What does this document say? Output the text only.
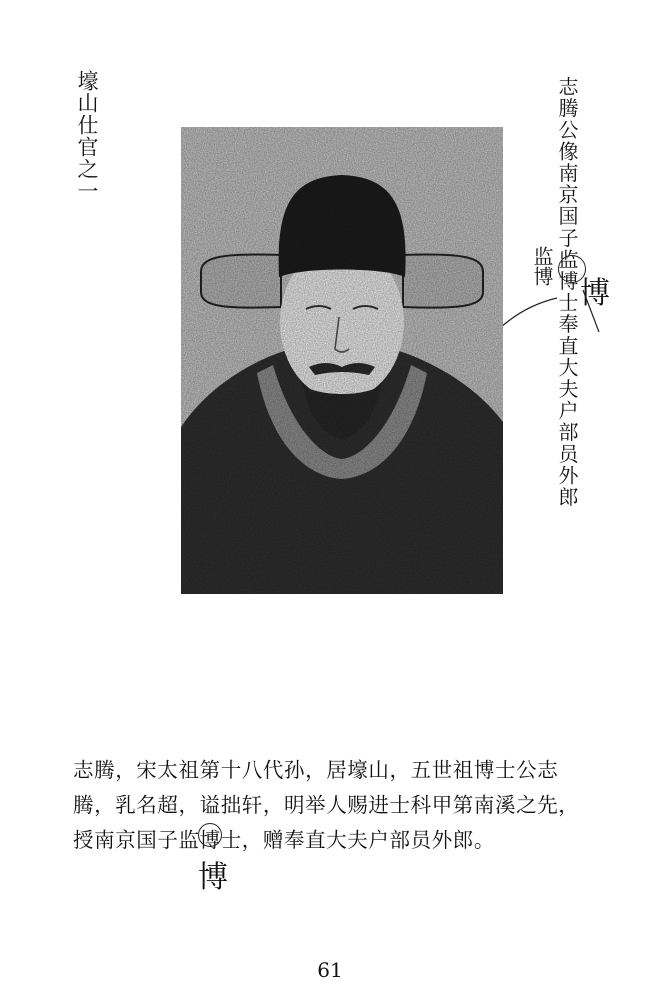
壕山仕官之一	志腾公像南京国子监博士奉直大夫户部员外郎
监博
博
志腾，宋太祖第十八代孙，居壕山，五世祖博士公志
腾，乳名超，谥拙轩，明举人赐进士科甲第南溪之先，
授南京国子监博士，赠奉直大夫户部员外郎。
博
61
